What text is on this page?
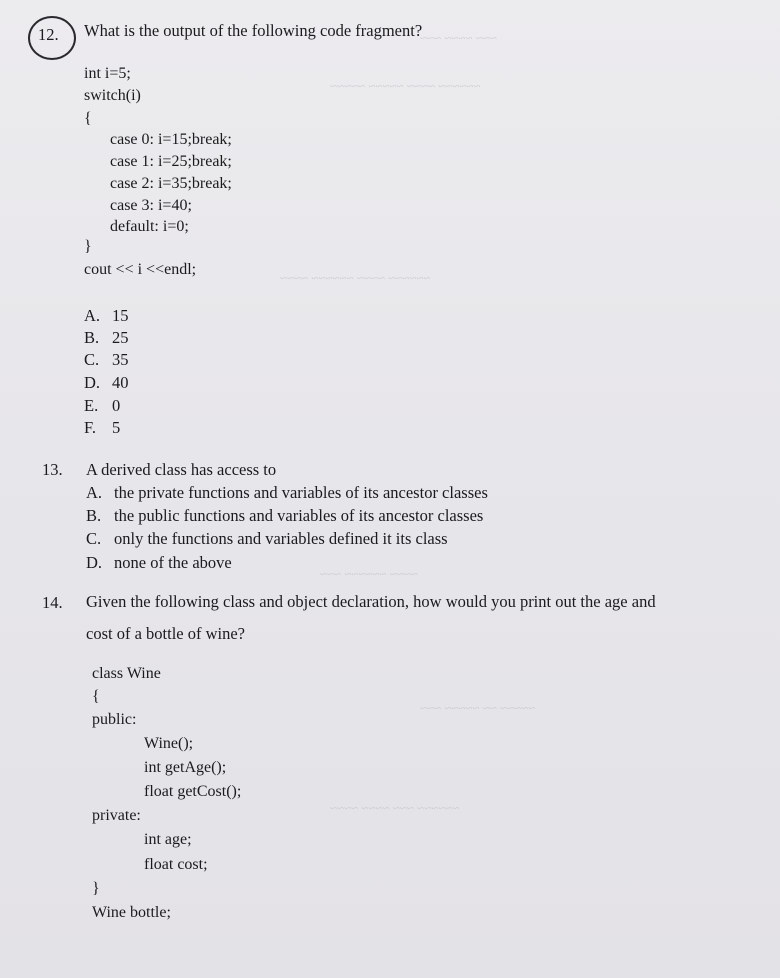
12. What is the output of the following code fragment?
int i=5;
switch(i)
{
case 0: i=15;break;
case 1: i=25;break;
case 2: i=35;break;
case 3: i=40;
default: i=0;
}
cout << i <<endl;
A. 15
B. 25
C. 35
D. 40
E. 0
F. 5
13. A derived class has access to
A. the private functions and variables of its ancestor classes
B. the public functions and variables of its ancestor classes
C. only the functions and variables defined it its class
D. none of the above
14. Given the following class and object declaration, how would you print out the age and
cost of a bottle of wine?
class Wine
{
public:
Wine();
int getAge();
float getCost();
private:
int age;
float cost;
}
Wine bottle;
~~~ ~~~~ ~~~
~~~~~~ ~~~~ ~~~~~ ~~~~~
~~~~~~ ~~~~ ~~~~~~ ~~~~
~~~~ ~~~~~~ ~~~
~~~~~ ~~ ~~~~~ ~~~
~~~~~~ ~~~ ~~~~ ~~~~
